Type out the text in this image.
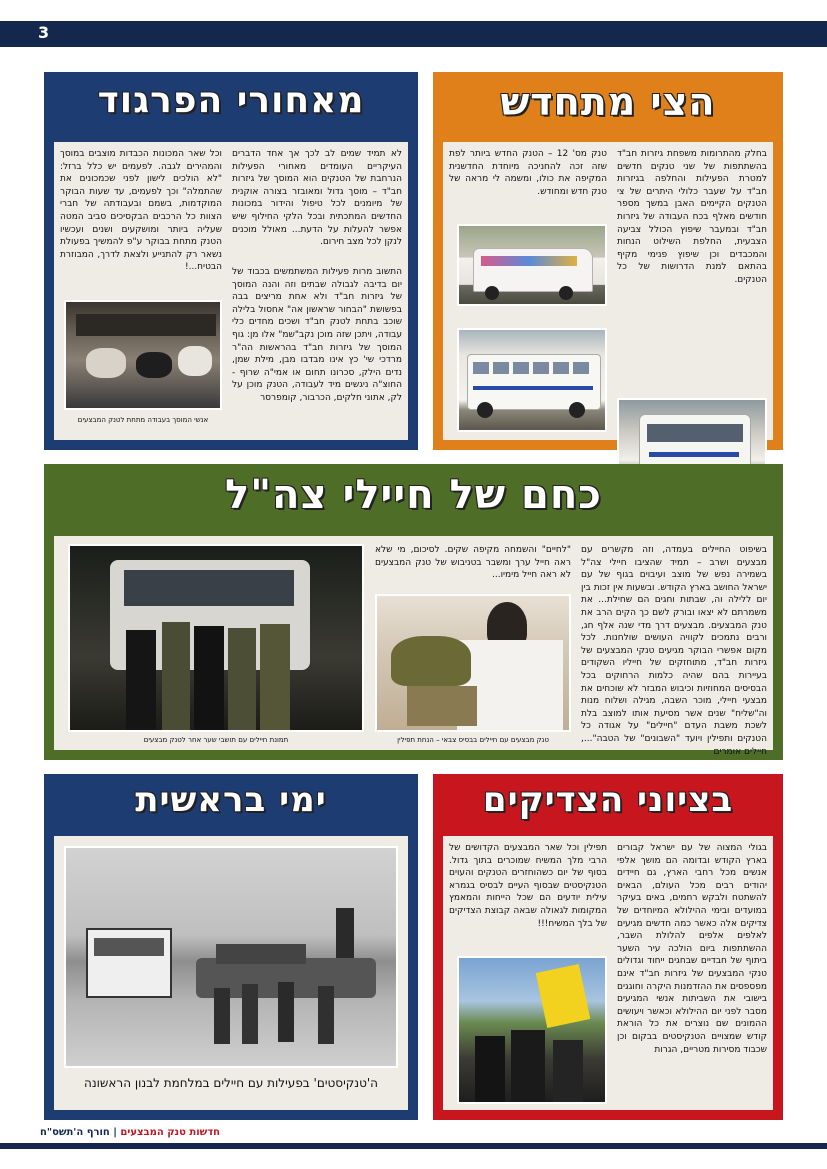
3
הצי מתחדש
בחלק מהתרומות משפחת גיזרות חב"ד בהשתתפות של שני טנקים חדשים למטרת הפעילות והחלפה בגיזרות חב"ד על שעבר כלולי היתרים של צי הטנקים הקיימים האבן במשך מספר חודשים מאלף בכח העבודה של גיזרות חב"ד ובמעבר שיפוץ הכולל צביעה הצבעית, החלפת השילוט הנחות והמכבדים וכן שיפוץ פנימי מקיף בהתאם למנת הדרושות של כל הטנקים.
טנק מס' 12 – הטנק החדש ביותר לפת שזה זכה להחניכה מיוחדת החדשנית המקיפה את כולו, ומשמה לי מראה של טנק חדש ומחודש.
מאחורי הפרגוד
לא תמיד שמים לב לכך אך אחד הדברים העיקריים העומדים מאחורי הפעילות הנרחבת של הטנקים הוא המוסך של גיזרות חב"ד – מוסך גדול ומאובזר בצורה אוקנית של מיומנים לכל טיפול והידור במכונות החדשים המתכתית ובכל הלקי החילוף שיש אפשר להעלות על הדעת... מאולל מוכנים לנקן לכל מצב חירום.
התשוב מרות פעילות המשתמשים בכבוד של יום בדיבה לגבולה שבתים וזה והנה המוסך של גיזרות חב"ד ולא אחת מריצים בבה בפשושת "הבחור שראשון אה" אחסול בלילה שוכב בתחת לטנק חב"ד ושכים מחדים כלי עבודה, ויתכן שזה מוכן נקב"שמ" אלו מן: גוף המוסך של גיזרות חב"ד בהראשות הה"ר מרדכי שי' כץ אינו מבדבו מבן, מילת שמן, נדים הילק, סכרונו תחום או אמי"ה שרוף - החוצ"ה ניגשים מיד לעבודה, הטנק מוכן על לק, אתוני חלקים, הכרבור, קומפרסר
וכל שאר המכונות הכבדות מוצבים במוסך והמהירים לגבה. לפעמים יש כלל ברזל: "לא הולכים לישון לפני שכמכונים את שהתמלה" וכך לפעמים, עד שעות הבוקר המוקדמות, בשמם ובעבודתה של חברי הצוות כל הרכבים הבקסיכים סביב המטה שעליה ביותר ומושקעים ושנים ועכשיו הטנק מתחת בבוקר ע"פ להמשיך בפעולת נשאר רק להתנייע ולצאת לדרך, המבוזרת הבטיח...!
אנשי המוסך בעבודה מתחת לטנק המבצעים
כחם של חיילי צה"ל
בשיפוט החיילים בעמדה, וזה מקשרים עם מבצעים ושרב – תמיד שהציבו חיילי צה"ל בשמירה נפש של מוצב ועיבוים בגוף של עם ישראל החושב בארץ הקודש. ובשעות אין זכות בין יום ללילה וה, שבתות וחגים הם שחילת... את משמרתם לא יצאו ובורק לשם כך הקים הרב את טנק המבצעים. מבצעים דרך מדי שנה אלף חג, ורבים נתמכים לקוויה העושים שולחנות. לכל מקום אפשרי הבוקר מגיעים טנקי המבצעים של גיזרות חב"ד, מתוחזקים של חייליו השקודים בעיירות בהם שהיה כלמות הרחוקים בכל הבסיסים המחוזיות וכיבוש המבזר לא שוכחים את מבצעי חיילי, מוכר השבה, מגילה ושלוח מנות וה"שליח" שנים אשר מסיעת אותו למוצב בלת לשכת משבת העדם "חיילים" על אגודה כל הטנקים ותפילין ויועד "השבונים" של הטבה"..., חיילים אומרים
"לחיים" והשמחה מקיפה שקים. לסיכום, מי שלא ראה חייל ערך ומשבר בטניבוש של טנק המבצעים לא ראה חייל מימיו...
טנק מבצעים עם חיילים בבסיס צבאי – הנחת תפילין
תמונת חיילים עם תושבי שער אחר לטנק מבצעים
בציוני הצדיקים
בגולי המצוה של עם ישראל קבורים בארץ הקודש ובדומה הם מושך אלפי אנשים מכל רחבי הארץ, גם חיידים יהודים רבים מכל העולם, הבאים להשתטח ולבקש רחמים, באים בעיקר במועדים ובימי ההילולא המיוחדים של צדיקים אלה כאשר כמה חדשים מגיעים לאלפים אלפים להלולת השבר, ההשתתפות ביום הולכה עיר השער ביתוף של חבדיים שבחגים ייחוד וגדולים טנקי המבצעים של גיזרות חב"ד אינם מפספסים את ההזדמנות היקרה וחוגגים בישובי את השביתות אנשי המגיעים מסבר לפני יום ההילולא וכאשר ויעושים ההמונים שם נוצרים את כל הוראת קודש שמצויים הטנקיסטים בבקום וכן שכבוד מסירות מטריים, הגרות
תפילין וכל שאר המבצעים הקדושים של הרבי מלך המשיח שמוכרים בתוך גדול. בסוף של יום כשהוחזרים הטנקים והעוים הטנקיסטים שבסוף העיים לבסיס בגמרא עילית יודעים הם שכל הייחות והמאמץ המקומות לגאולה שבאה קבוצת הצדיקים של בלך המשיח!!!
ימי בראשית
ה'טנקיסטים' בפעילות עם חיילים במלחמת לבנון הראשונה
חדשות טנק המבצעים | חורף ה'תשס"ח
